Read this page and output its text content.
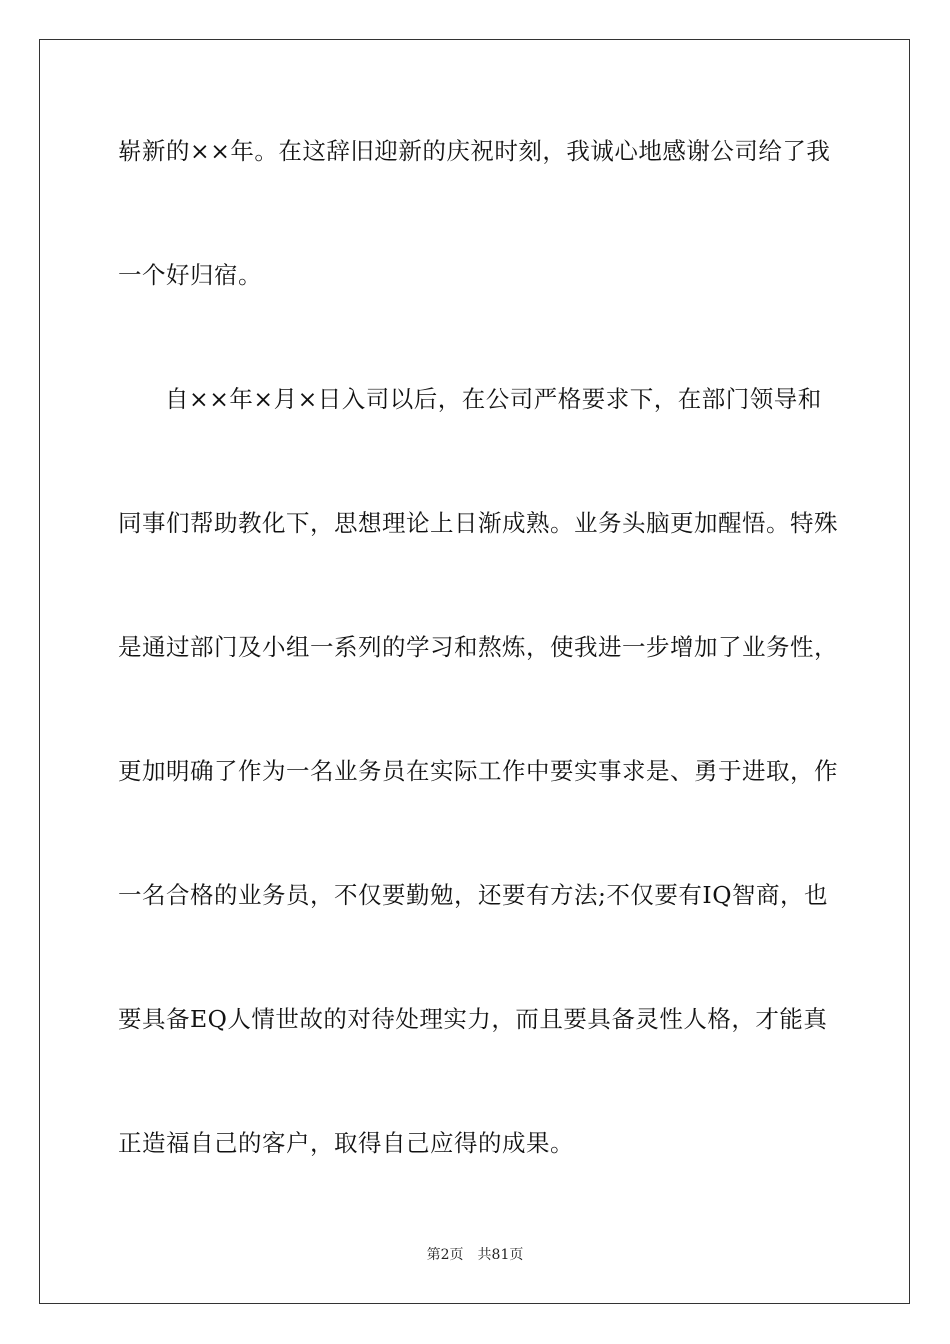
崭新的××年。在这辞旧迎新的庆祝时刻，我诚心地感谢公司给了我
一个好归宿。
自××年×月×日入司以后，在公司严格要求下，在部门领导和
同事们帮助教化下，思想理论上日渐成熟。业务头脑更加醒悟。特殊
是通过部门及小组一系列的学习和熬炼，使我进一步增加了业务性，
更加明确了作为一名业务员在实际工作中要实事求是、勇于进取，作
一名合格的业务员，不仅要勤勉，还要有方法;不仅要有IQ智商，也
要具备EQ人情世故的对待处理实力，而且要具备灵性人格，才能真
正造福自己的客户，取得自己应得的成果。
第2页 共81页
